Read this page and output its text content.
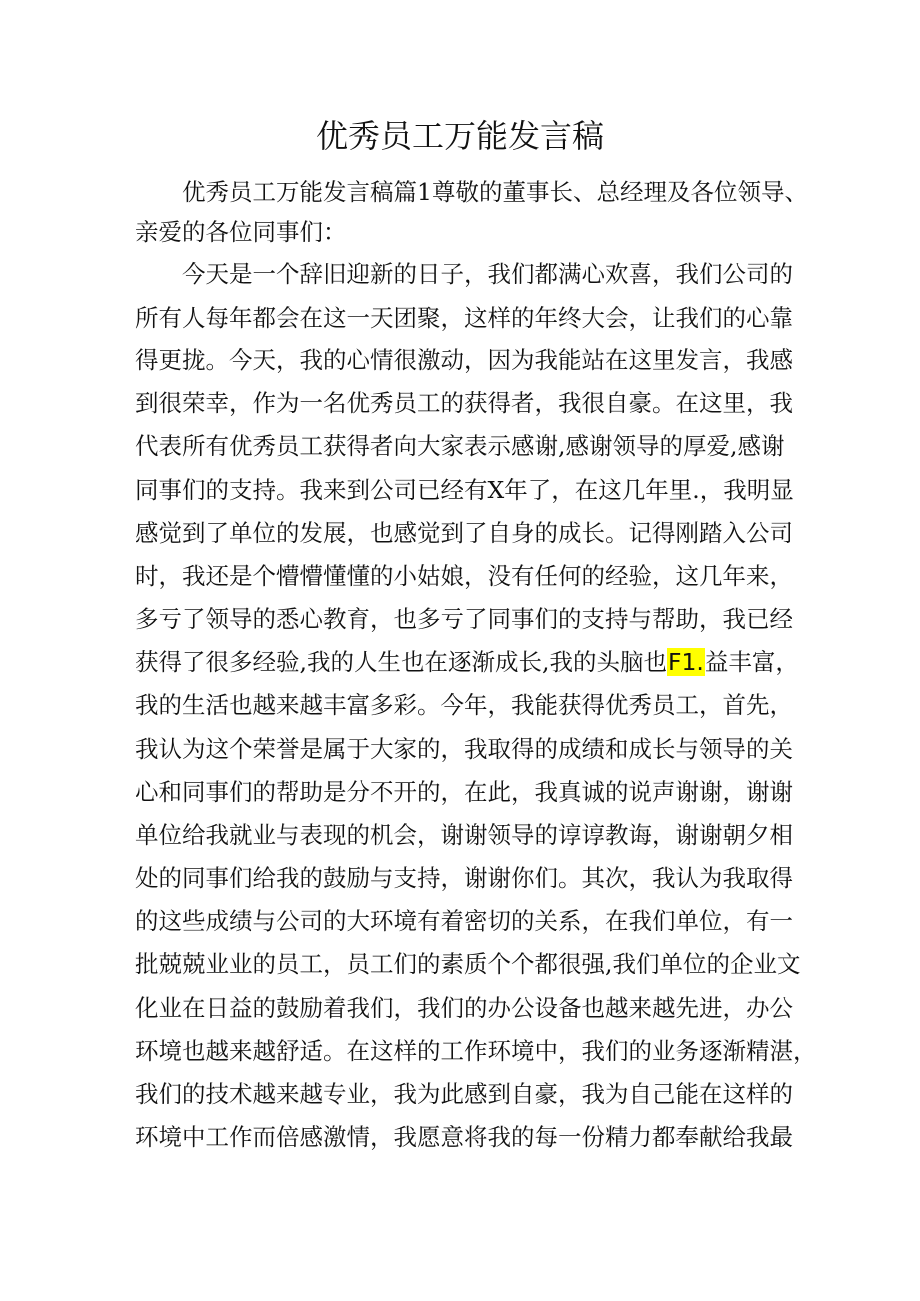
优秀员工万能发言稿
优秀员工万能发言稿篇1尊敬的董事长、总经理及各位领导、
亲爱的各位同事们：
今天是一个辞旧迎新的日子，我们都满心欢喜，我们公司的
所有人每年都会在这一天团聚，这样的年终大会，让我们的心靠
得更拢。今天，我的心情很激动，因为我能站在这里发言，我感
到很荣幸，作为一名优秀员工的获得者，我很自豪。在这里，我
代表所有优秀员工获得者向大家表示感谢,感谢领导的厚爱,感谢
同事们的支持。我来到公司已经有X年了，在这几年里.，我明显
感觉到了单位的发展，也感觉到了自身的成长。记得刚踏入公司
时，我还是个懵懵懂懂的小姑娘，没有任何的经验，这几年来，
多亏了领导的悉心教育，也多亏了同事们的支持与帮助，我已经
获得了很多经验,我的人生也在逐渐成长,我的头脑也F1.益丰富，
我的生活也越来越丰富多彩。今年，我能获得优秀员工，首先，
我认为这个荣誉是属于大家的，我取得的成绩和成长与领导的关
心和同事们的帮助是分不开的，在此，我真诚的说声谢谢，谢谢
单位给我就业与表现的机会，谢谢领导的谆谆教诲，谢谢朝夕相
处的同事们给我的鼓励与支持，谢谢你们。其次，我认为我取得
的这些成绩与公司的大环境有着密切的关系，在我们单位，有一
批兢兢业业的员工，员工们的素质个个都很强,我们单位的企业文
化业在日益的鼓励着我们，我们的办公设备也越来越先进，办公
环境也越来越舒适。在这样的工作环境中，我们的业务逐渐精湛，
我们的技术越来越专业，我为此感到自豪，我为自己能在这样的
环境中工作而倍感激情，我愿意将我的每一份精力都奉献给我最
